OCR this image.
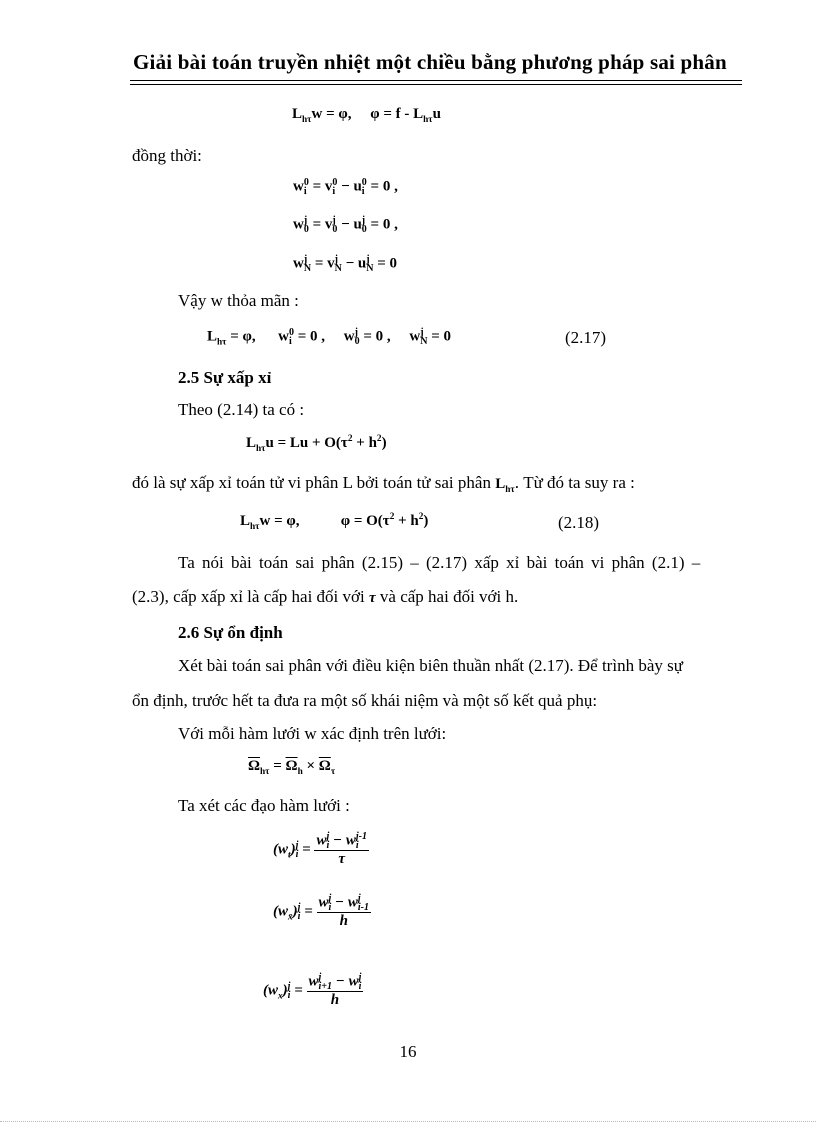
Giải bài toán truyền nhiệt một chiều bằng phương pháp sai phân
$L_{h\tau}w = \varphi$,     $\varphi = f - L_{h\tau}u$
đồng thời:
w 0
i = v 0
i − u 0
i = 0 ,
w j
0 = v j
0 − u j
0 = 0 ,
w j
N = v j
N − u j
N = 0
Vậy w thỏa mãn :
$L_{h\tau} = \varphi$,      w 0
i = 0 ,     w j
0 = 0 ,     w j
N = 0	(2.17)
2.5 Sự xấp xỉ
Theo (2.14) ta có :
$L_{h\tau}u = Lu + O(\tau^2 + h^2)$
đó là sự xấp xỉ toán tử vi phân L bởi toán tử sai phân $L_{h\tau}$. Từ đó ta suy ra :
$L_{h\tau}w = \varphi$,           $\varphi = O(\tau^2 + h^2)$	(2.18)
Ta nói bài toán sai phân (2.15) – (2.17) xấp xỉ bài toán vi phân (2.1) –
(2.3), cấp xấp xỉ là cấp hai đối với τ và cấp hai đối với h.
2.6 Sự ổn định
Xét bài toán sai phân với điều kiện biên thuần nhất (2.17). Để trình bày sự
ổn định, trước hết ta đưa ra một số khái niệm và một số kết quả phụ:
Với mỗi hàm lưới w xác định trên lưới:
$\overline{\Omega}_{h\tau} = \overline{\Omega}_h \times \overline{\Omega}_\tau$
Ta xét các đạo hàm lưới :
$(w_t)$ j
i = w j
i − w j-1
i
τ
$(w_{x̄})$ j
i = w j
i − w j
i-1
h
$(w_x)$ j
i = w j
i+1 − w j
i
h
16
